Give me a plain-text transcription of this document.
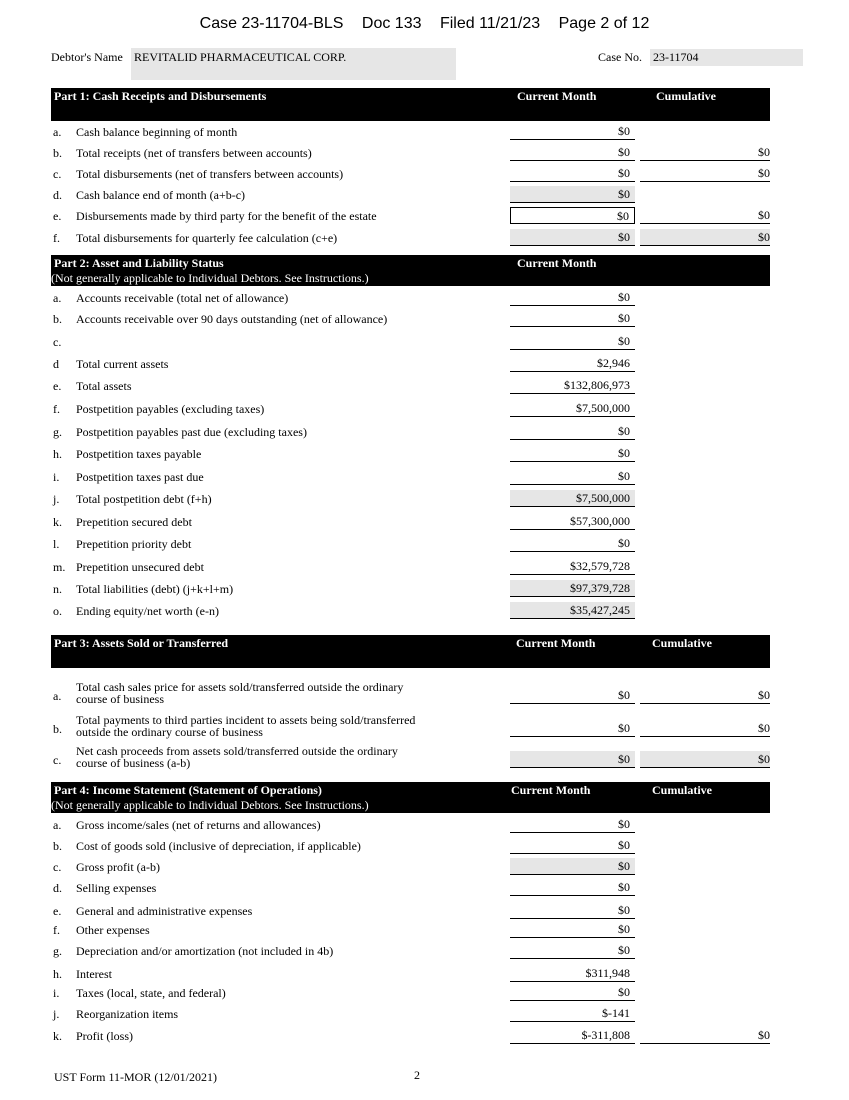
Case 23-11704-BLS Doc 133 Filed 11/21/23 Page 2 of 12
Debtor's Name REVITALID PHARMACEUTICAL CORP.	Case No. 23-11704
Part 1: Cash Receipts and Disbursements	Current Month	Cumulative
a. Cash balance beginning of month	$0
b. Total receipts (net of transfers between accounts)	$0	$0
c. Total disbursements (net of transfers between accounts)	$0	$0
d. Cash balance end of month (a+b-c)	$0
e. Disbursements made by third party for the benefit of the estate	$0	$0
f. Total disbursements for quarterly fee calculation (c+e)	$0	$0
Part 2: Asset and Liability Status
(Not generally applicable to Individual Debtors. See Instructions.)
Current Month
a. Accounts receivable (total net of allowance)	$0
b. Accounts receivable over 90 days outstanding (net of allowance)	$0
c.	$0
d Total current assets	$2,946
e. Total assets	$132,806,973
f. Postpetition payables (excluding taxes)	$7,500,000
g. Postpetition payables past due (excluding taxes)	$0
h. Postpetition taxes payable	$0
i. Postpetition taxes past due	$0
j. Total postpetition debt (f+h)	$7,500,000
k. Prepetition secured debt	$57,300,000
l. Prepetition priority debt	$0
m. Prepetition unsecured debt	$32,579,728
n. Total liabilities (debt) (j+k+l+m)	$97,379,728
o. Ending equity/net worth (e-n)	$35,427,245
Part 3: Assets Sold or Transferred	Current Month	Cumulative
a.
Total cash sales price for assets sold/transferred outside the ordinary
course of business	$0	$0
b.
Total payments to third parties incident to assets being sold/transferred
outside the ordinary course of business	$0	$0
c.
Net cash proceeds from assets sold/transferred outside the ordinary
course of business (a-b)	$0	$0
Part 4: Income Statement (Statement of Operations)
(Not generally applicable to Individual Debtors. See Instructions.)
Current Month	Cumulative
a. Gross income/sales (net of returns and allowances)	$0
b. Cost of goods sold (inclusive of depreciation, if applicable)	$0
c. Gross profit (a-b)	$0
d. Selling expenses	$0
e. General and administrative expenses	$0
f. Other expenses	$0
g. Depreciation and/or amortization (not included in 4b)	$0
h. Interest	$311,948
i. Taxes (local, state, and federal)	$0
j. Reorganization items	$-141
k. Profit (loss)	$-311,808	$0
UST Form 11-MOR (12/01/2021)	2
